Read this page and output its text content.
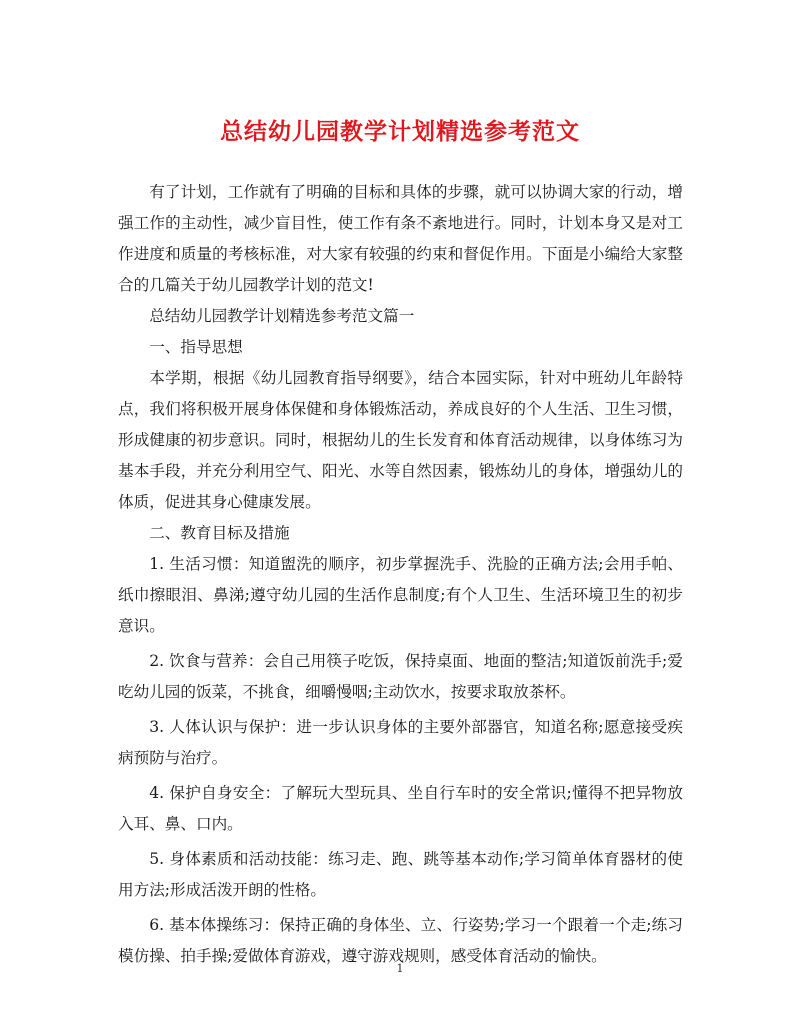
总结幼儿园教学计划精选参考范文

有了计划，工作就有了明确的目标和具体的步骤，就可以协调大家的行动，增强工作的主动性，减少盲目性，使工作有条不紊地进行。同时，计划本身又是对工作进度和质量的考核标准，对大家有较强的约束和督促作用。下面是小编给大家整合的几篇关于幼儿园教学计划的范文!

总结幼儿园教学计划精选参考范文篇一

一、指导思想

本学期，根据《幼儿园教育指导纲要》，结合本园实际，针对中班幼儿年龄特点，我们将积极开展身体保健和身体锻炼活动，养成良好的个人生活、卫生习惯，形成健康的初步意识。同时，根据幼儿的生长发育和体育活动规律，以身体练习为基本手段，并充分利用空气、阳光、水等自然因素，锻炼幼儿的身体，增强幼儿的体质，促进其身心健康发展。

二、教育目标及措施

1. 生活习惯：知道盥洗的顺序，初步掌握洗手、洗脸的正确方法;会用手帕、纸巾擦眼泪、鼻涕;遵守幼儿园的生活作息制度;有个人卫生、生活环境卫生的初步意识。

2. 饮食与营养：会自己用筷子吃饭，保持桌面、地面的整洁;知道饭前洗手;爱吃幼儿园的饭菜，不挑食，细嚼慢咽;主动饮水，按要求取放茶杯。

3. 人体认识与保护：进一步认识身体的主要外部器官，知道名称;愿意接受疾病预防与治疗。

4. 保护自身安全：了解玩大型玩具、坐自行车时的安全常识;懂得不把异物放入耳、鼻、口内。

5. 身体素质和活动技能：练习走、跑、跳等基本动作;学习简单体育器材的使用方法;形成活泼开朗的性格。

6. 基本体操练习：保持正确的身体坐、立、行姿势;学习一个跟着一个走;练习模仿操、拍手操;爱做体育游戏，遵守游戏规则，感受体育活动的愉快。

1
